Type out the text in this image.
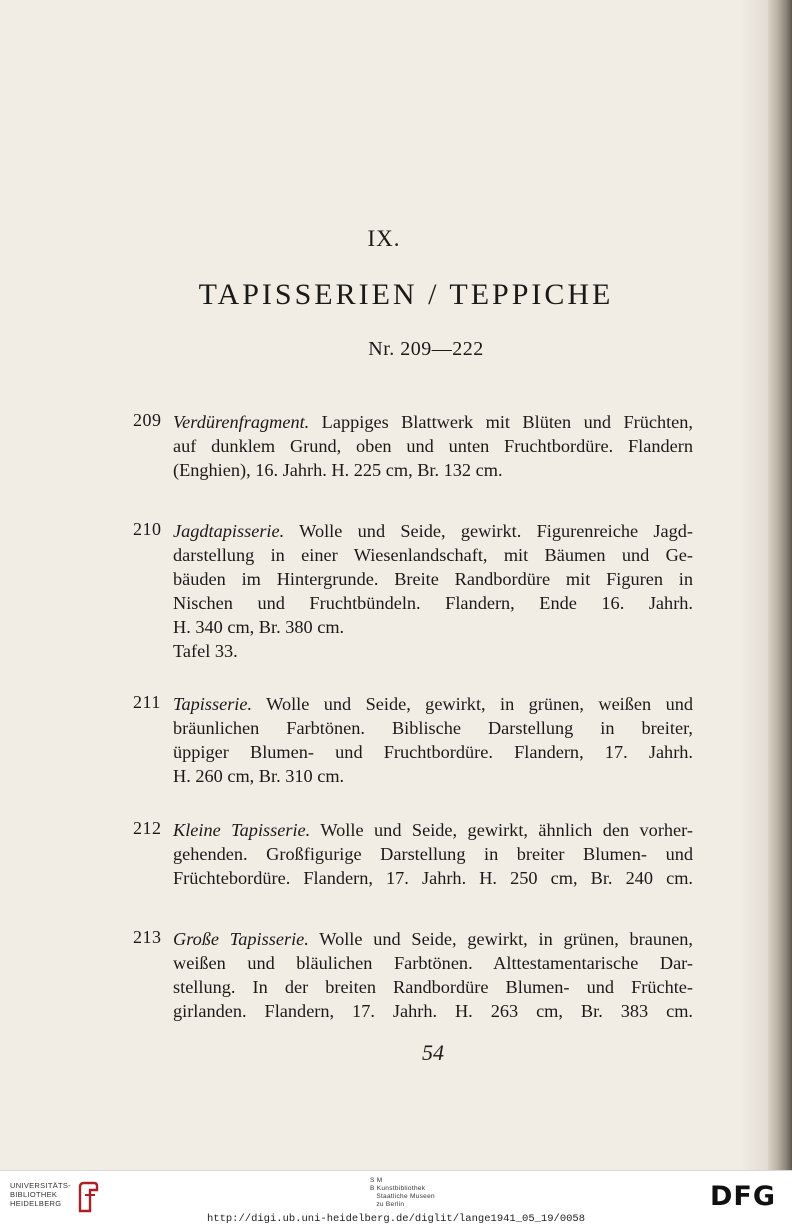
IX.
TAPISSERIEN / TEPPICHE
Nr. 209—222
209 Verdürenfragment. Lappiges Blattwerk mit Blüten und Früchten,
auf dunklem Grund, oben und unten Fruchtbordüre. Flandern
(Enghien), 16. Jahrh. H. 225 cm, Br. 132 cm.
210 Jagdtapisserie. Wolle und Seide, gewirkt. Figurenreiche Jagd-
darstellung in einer Wiesenlandschaft, mit Bäumen und Ge-
bäuden im Hintergrunde. Breite Randbordüre mit Figuren in
Nischen und Fruchtbündeln. Flandern, Ende 16. Jahrh.
H. 340 cm, Br. 380 cm.
Tafel 33.
211 Tapisserie. Wolle und Seide, gewirkt, in grünen, weißen und
bräunlichen Farbtönen. Biblische Darstellung in breiter,
üppiger Blumen- und Fruchtbordüre. Flandern, 17. Jahrh.
H. 260 cm, Br. 310 cm.
212 Kleine Tapisserie. Wolle und Seide, gewirkt, ähnlich den vorher-
gehenden. Großfigurige Darstellung in breiter Blumen- und
Früchtebordüre. Flandern, 17. Jahrh. H. 250 cm, Br. 240 cm.
213 Große Tapisserie. Wolle und Seide, gewirkt, in grünen, braunen,
weißen und bläulichen Farbtönen. Alttestamentarische Dar-
stellung. In der breiten Randbordüre Blumen- und Früchte-
girlanden. Flandern, 17. Jahrh. H. 263 cm, Br. 383 cm.
54
UNIVERSITÄTS-
BIBLIOTHEK
HEIDELBERG
S M
B Kunstbibliothek
Staatliche Museen
zu Berlin	DFG
http://digi.ub.uni-heidelberg.de/diglit/lange1941_05_19/0058
